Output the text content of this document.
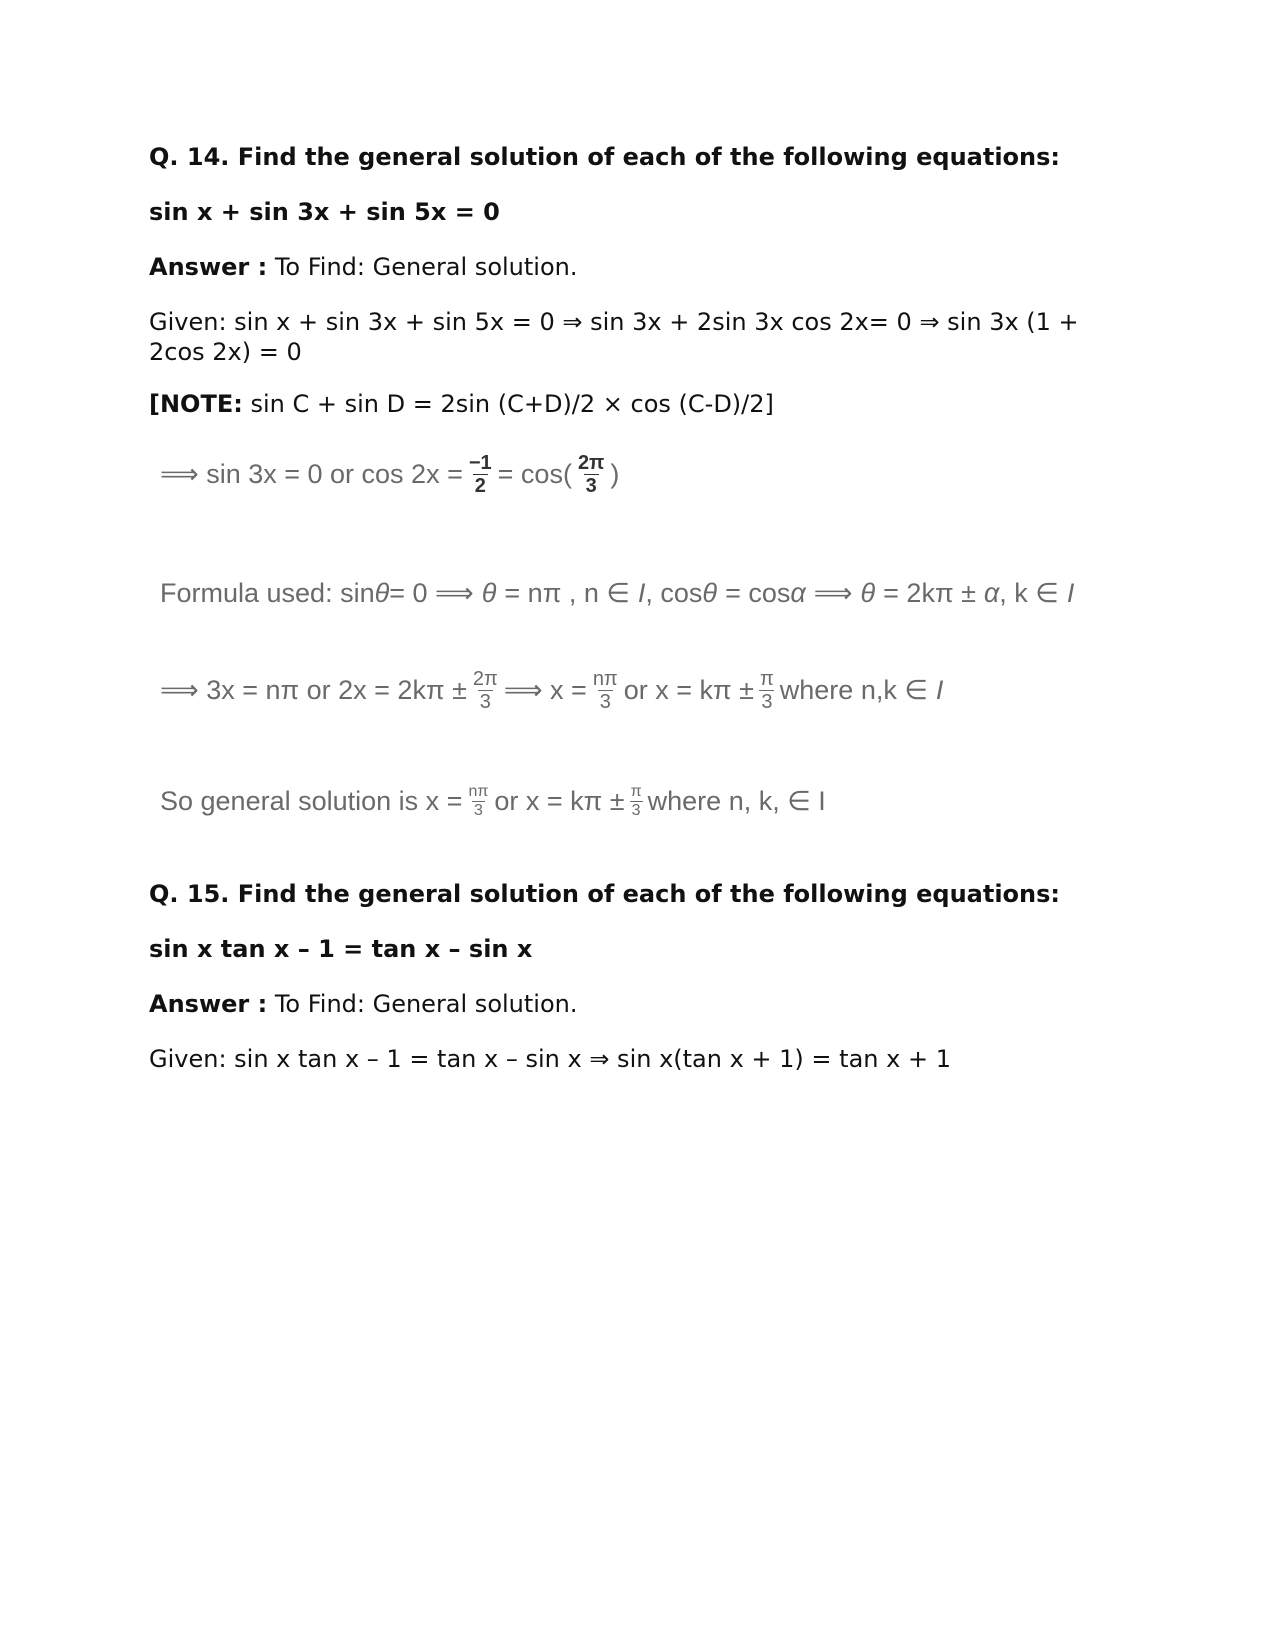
Q. 14. Find the general solution of each of the following equations:
sin x + sin 3x + sin 5x = 0
Answer : To Find: General solution.
Given: sin x + sin 3x + sin 5x = 0 ⇒ sin 3x + 2sin 3x cos 2x= 0 ⇒ sin 3x (1 + 2cos 2x) = 0
[NOTE: sin C + sin D = 2sin (C+D)/2 × cos (C-D)/2]
⟹ sin 3x = 0 or $\cos 2x = \frac{-1}{2} = \cos( \frac{2\pi}{3}$ )
Formula used: sin θ = 0 ⟹ θ = nπ , n ∈ I , cos θ = cos α ⟹ θ = 2kπ ± α , k ∈ I
⟹ 3x = nπ or $2x = 2k\pi \pm \frac{2\pi}{3}$ ⟹ $x = \frac{n\pi}{3}$ or $x = k\pi \pm \frac{\pi}{3}$ where n,k ∈ I
So general solution is $x = \frac{n\pi}{3}$ or $x = k\pi \pm \frac{\pi}{3}$ where n, k, ∈ I
Q. 15. Find the general solution of each of the following equations:
sin x tan x – 1 = tan x – sin x
Answer : To Find: General solution.
Given: sin x tan x – 1 = tan x – sin x ⇒ sin x(tan x + 1) = tan x + 1
